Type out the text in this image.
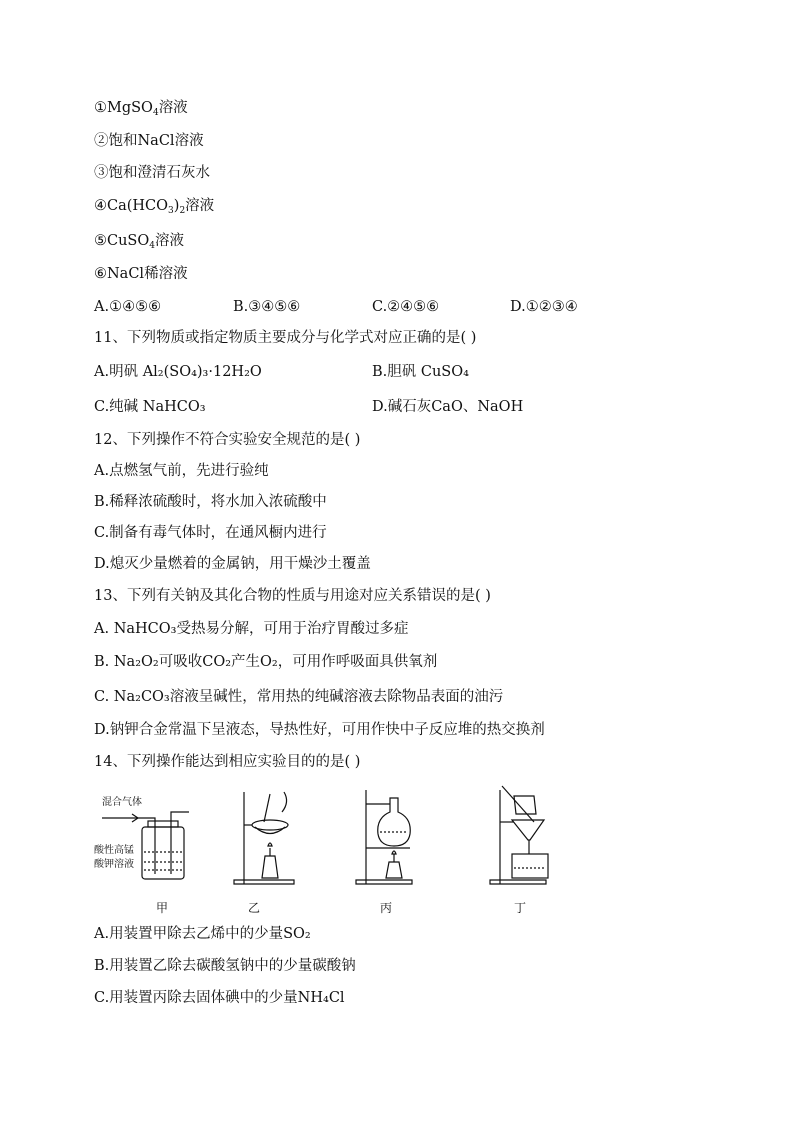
①MgSO$_4$溶液
②饱和NaCl溶液
③饱和澄清石灰水
$④Ca(HCO_3)_2$溶液
⑤CuSO$_4$溶液
⑥NaCl稀溶液
A.①④⑤⑥	B.③④⑤⑥	C.②④⑤⑥	D.①②③④
11、下列物质或指定物质主要成分与化学式对应正确的是( )
A.明矾 Al₂(SO₄)₃·12H₂O	B.胆矾 CuSO₄
C.纯碱 NaHCO₃	D.碱石灰CaO、NaOH
12、下列操作不符合实验安全规范的是( )
A.点燃氢气前，先进行验纯
B.稀释浓硫酸时，将水加入浓硫酸中
C.制备有毒气体时，在通风橱内进行
D.熄灭少量燃着的金属钠，用干燥沙土覆盖
13、下列有关钠及其化合物的性质与用途对应关系错误的是( )
A. NaHCO₃受热易分解，可用于治疗胃酸过多症
B. Na₂O₂可吸收CO₂产生O₂，可用作呼吸面具供氧剂
C. Na₂CO₃溶液呈碱性，常用热的纯碱溶液去除物品表面的油污
D.钠钾合金常温下呈液态，导热性好，可用作快中子反应堆的热交换剂
14、下列操作能达到相应实验目的的是( )
混合气体
酸性高锰
酸钾溶液
甲	乙	丙	丁
A.用装置甲除去乙烯中的少量SO₂
B.用装置乙除去碳酸氢钠中的少量碳酸钠
C.用装置丙除去固体碘中的少量NH₄Cl
